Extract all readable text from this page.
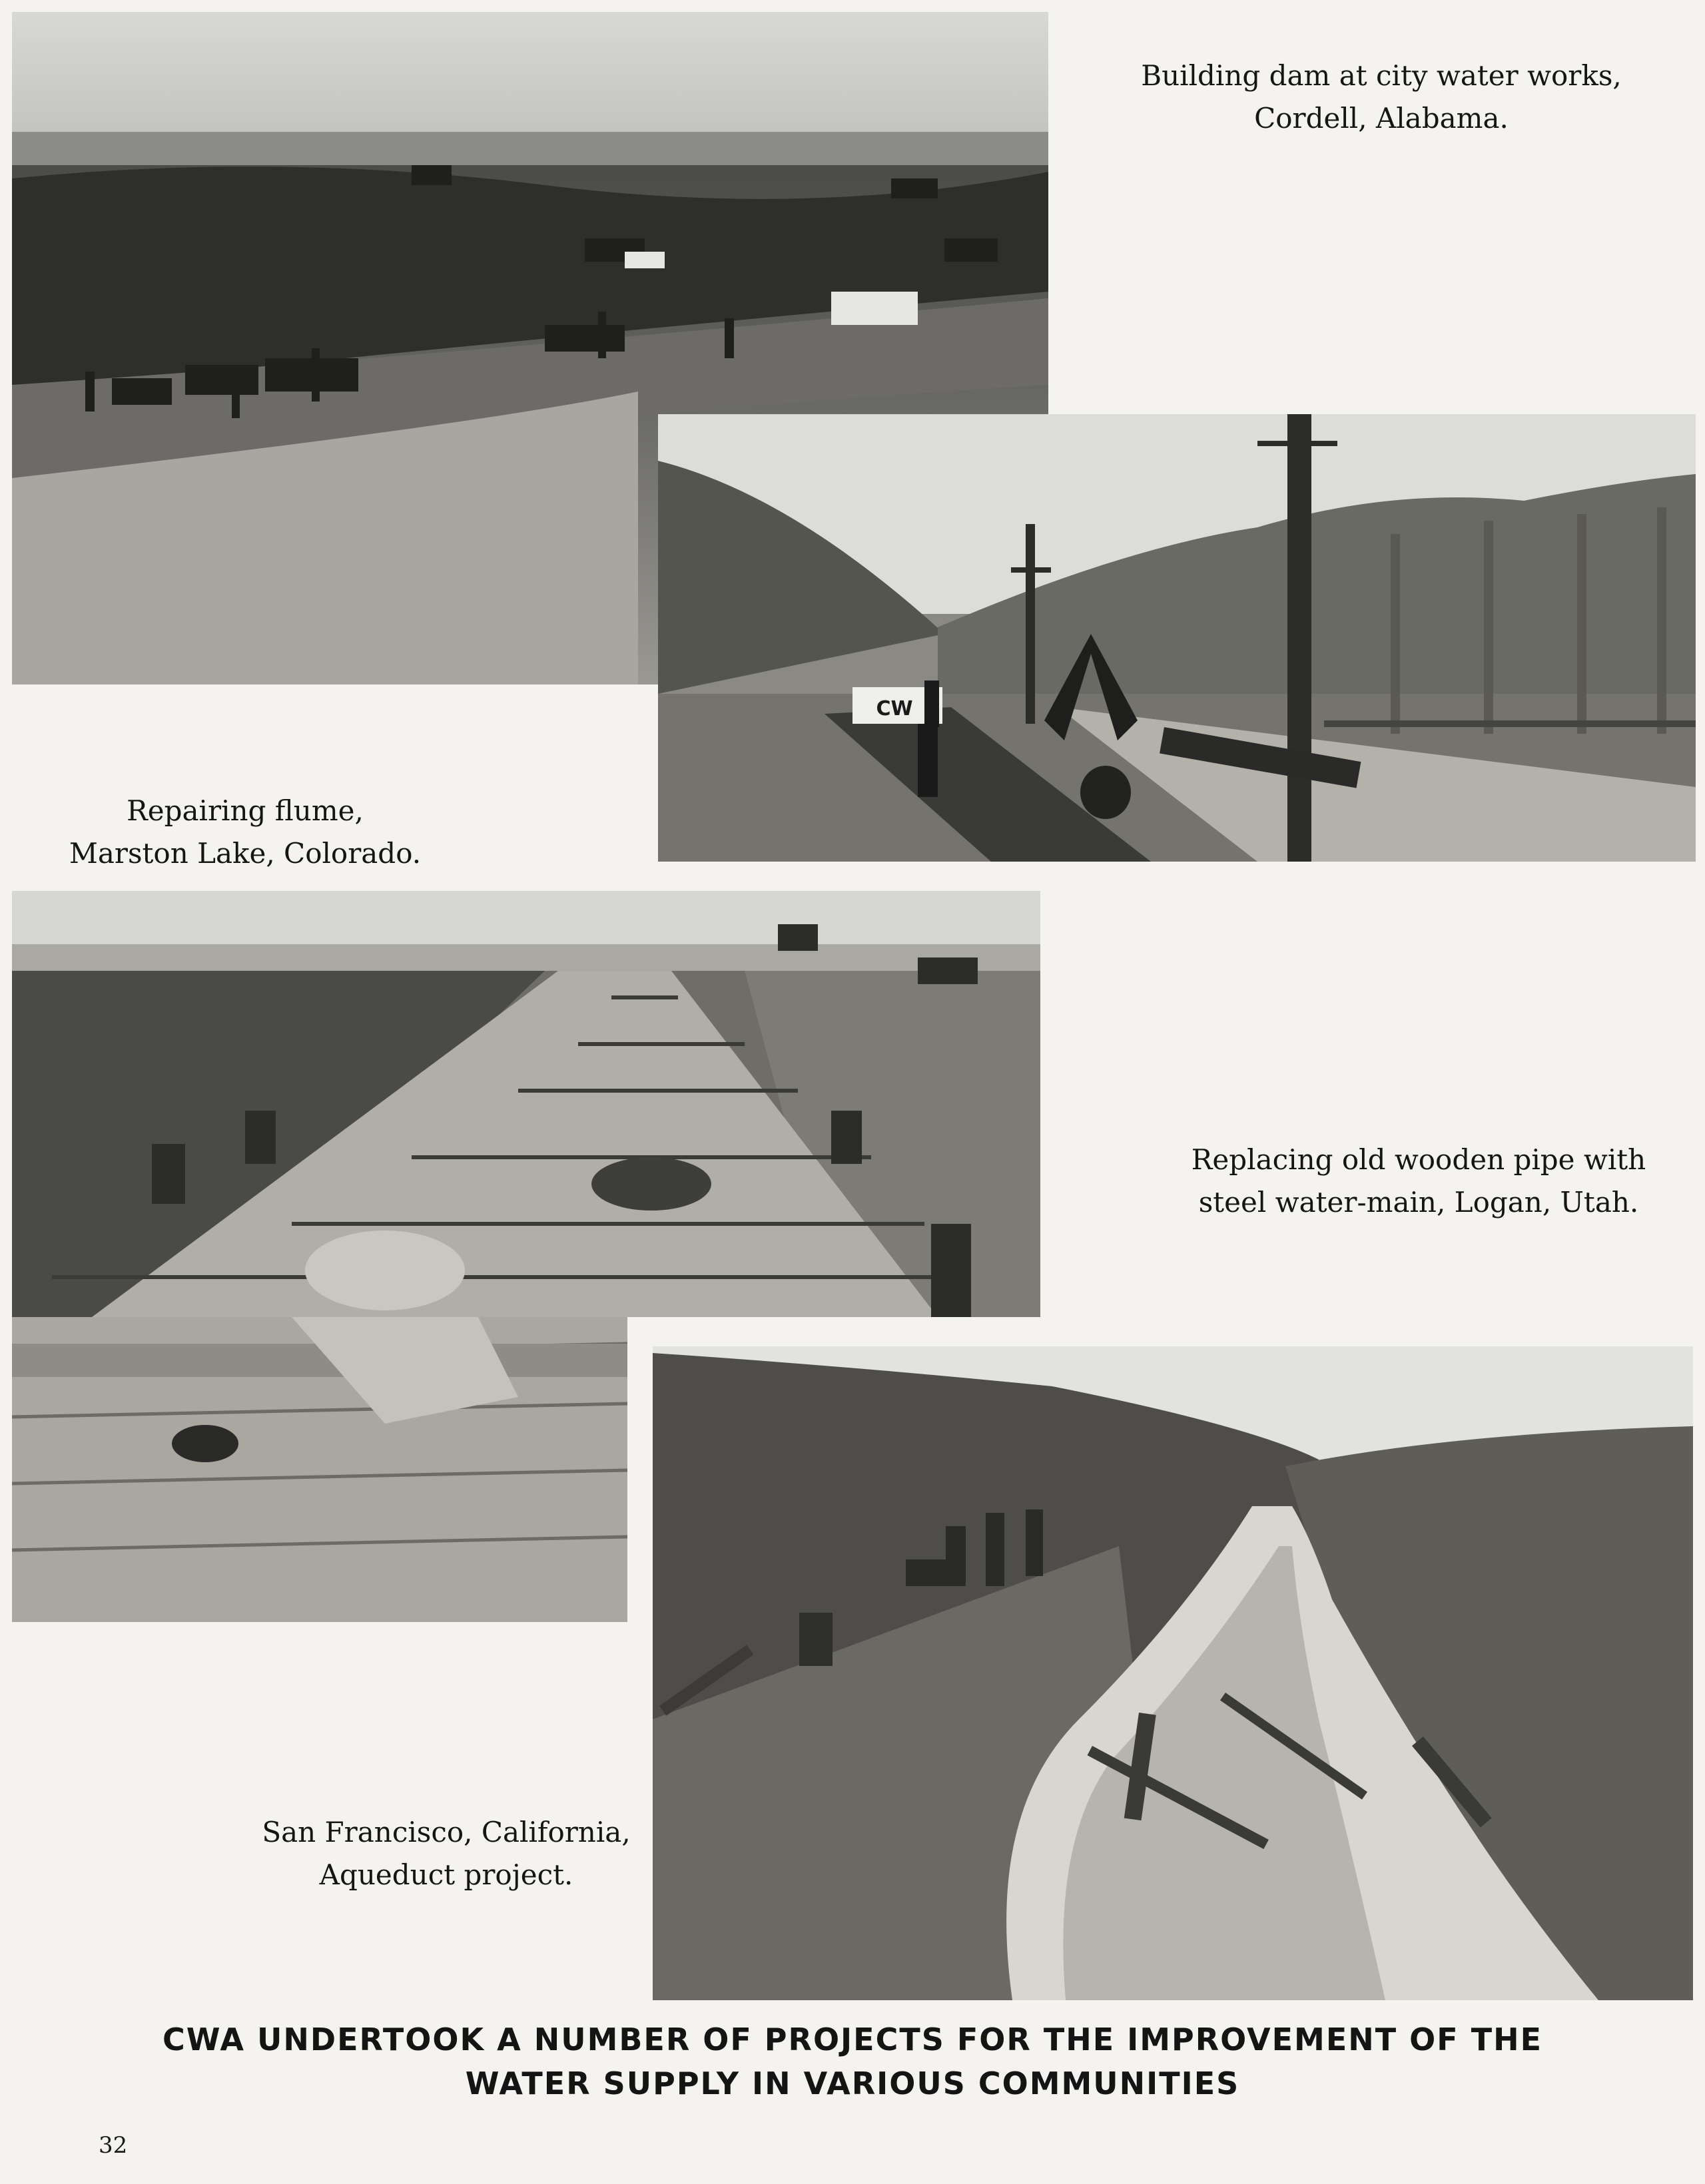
Building dam at city water works,
Cordell, Alabama.
CW
Repairing flume,
Marston Lake, Colorado.
Replacing old wooden pipe with
steel water-main, Logan, Utah.
San Francisco, California,
Aqueduct project.
CWA UNDERTOOK A NUMBER OF PROJECTS FOR THE IMPROVEMENT OF THE
WATER SUPPLY IN VARIOUS COMMUNITIES
32
